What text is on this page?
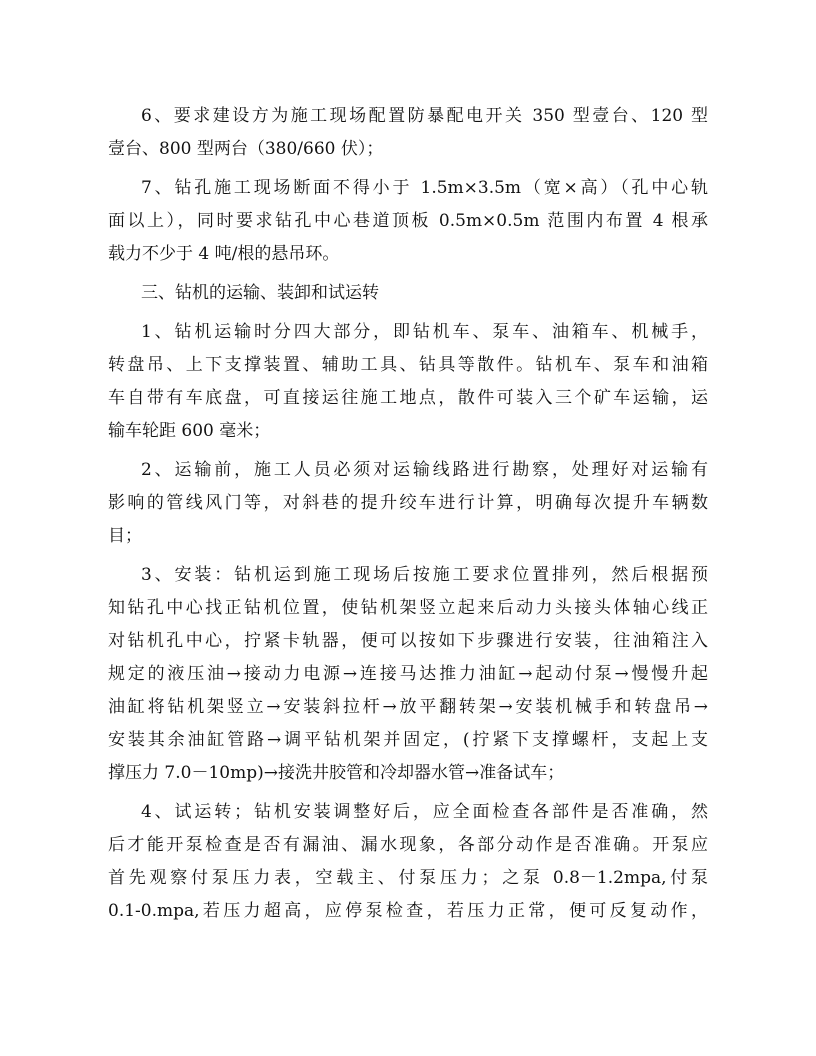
6、要求建设方为施工现场配置防暴配电开关 350 型壹台、120 型
壹台、800 型两台（380/660 伏）；
7、钻孔施工现场断面不得小于 1.5m×3.5m（宽×高）（孔中心轨
面以上），同时要求钻孔中心巷道顶板 0.5m×0.5m 范围内布置 4 根承
载力不少于 4 吨/根的悬吊环。
三、钻机的运输、装卸和试运转
1、钻机运输时分四大部分，即钻机车、泵车、油箱车、机械手，
转盘吊、上下支撑装置、辅助工具、钻具等散件。钻机车、泵车和油箱
车自带有车底盘，可直接运往施工地点，散件可装入三个矿车运输，运
输车轮距 600 毫米；
2、运输前，施工人员必须对运输线路进行勘察，处理好对运输有
影响的管线风门等，对斜巷的提升绞车进行计算，明确每次提升车辆数
目；
3、安装：钻机运到施工现场后按施工要求位置排列，然后根据预
知钻孔中心找正钻机位置，使钻机架竖立起来后动力头接头体轴心线正
对钻机孔中心，拧紧卡轨器，便可以按如下步骤进行安装，往油箱注入
规定的液压油→接动力电源→连接马达推力油缸→起动付泵→慢慢升起
油缸将钻机架竖立→安装斜拉杆→放平翻转架→安装机械手和转盘吊→
安装其余油缸管路→调平钻机架并固定，(拧紧下支撑螺杆，支起上支
撑压力 7.0－10mp)→接洗井胶管和冷却器水管→准备试车；
4、试运转；钻机安装调整好后，应全面检查各部件是否准确，然
后才能开泵检查是否有漏油、漏水现象，各部分动作是否准确。开泵应
首先观察付泵压力表，空载主、付泵压力；之泵 0.8－1.2mpa,付泵
0.1-0.mpa,若压力超高，应停泵检查，若压力正常，便可反复动作，
